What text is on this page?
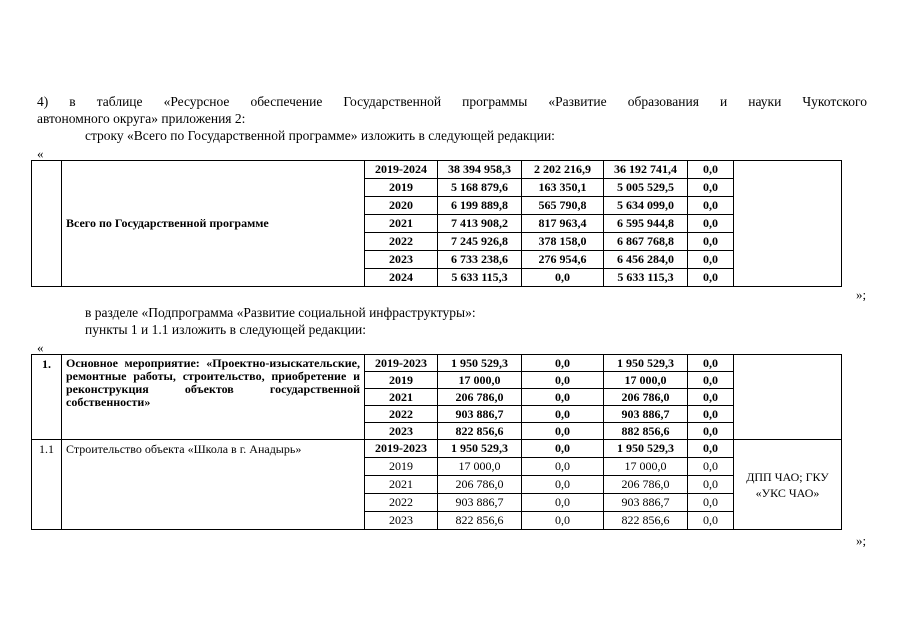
4) в таблице «Ресурсное обеспечение Государственной программы «Развитие образования и науки Чукотского
автономного округа» приложения 2:
строку «Всего по Государственной программе» изложить в следующей редакции:
«
	Всего по Государственной программе	2019-2024	38 394 958,3	2 202 216,9	36 192 741,4	0,0	
		2019	5 168 879,6	163 350,1	5 005 529,5	0,0	
		2020	6 199 889,8	565 790,8	5 634 099,0	0,0	
		2021	7 413 908,2	817 963,4	6 595 944,8	0,0	
		2022	7 245 926,8	378 158,0	6 867 768,8	0,0	
		2023	6 733 238,6	276 954,6	6 456 284,0	0,0	
		2024	5 633 115,3	0,0	5 633 115,3	0,0	
»;
в разделе «Подпрограмма «Развитие социальной инфраструктуры»:
пункты 1 и 1.1 изложить в следующей редакции:
«
1.	Основное мероприятие: «Проектно-изыскательские, ремонтные работы, строительство, приобретение и реконструкция объектов государственной собственности»	2019-2023	1 950 529,3	0,0	1 950 529,3	0,0	
		2019	17 000,0	0,0	17 000,0	0,0	
		2021	206 786,0	0,0	206 786,0	0,0	
		2022	903 886,7	0,0	903 886,7	0,0	
		2023	822 856,6	0,0	882 856,6	0,0	
1.1	Строительство объекта «Школа в г. Анадырь»	2019-2023	1 950 529,3	0,0	1 950 529,3	0,0	ДПП ЧАО; ГКУ
«УКС ЧАО»

		2019	17 000,0	0,0	17 000,0	0,0	
		2021	206 786,0	0,0	206 786,0	0,0	
		2022	903 886,7	0,0	903 886,7	0,0	
		2023	822 856,6	0,0	822 856,6	0,0	
»;
